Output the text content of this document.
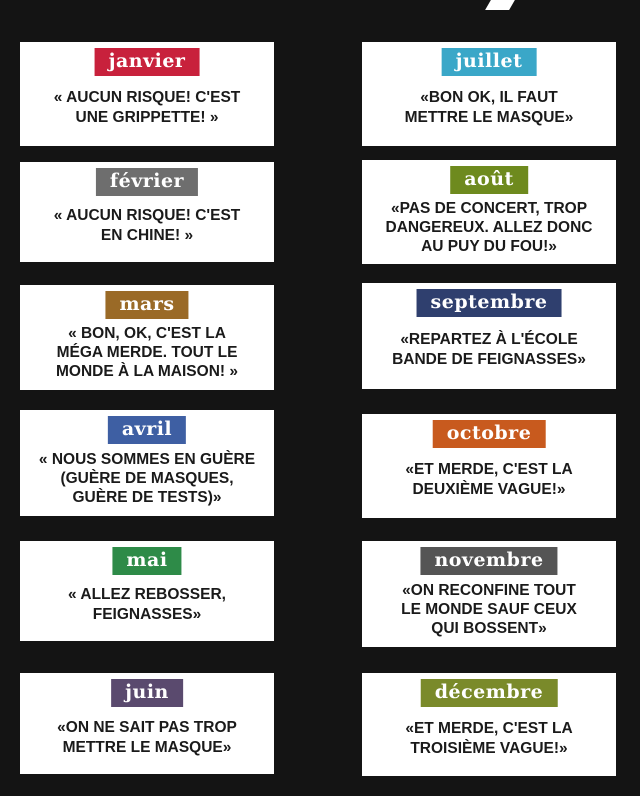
janvier
« AUCUN RISQUE! C'EST
UNE GRIPPETTE! »
février
« AUCUN RISQUE! C'EST
EN CHINE! »
mars
« BON, OK, C'EST LA
MÉGA MERDE. TOUT LE
MONDE À LA MAISON! »
avril
« NOUS SOMMES EN GUÈRE
(GUÈRE DE MASQUES,
GUÈRE DE TESTS)»
mai
« ALLEZ REBOSSER,
FEIGNASSES»
juin
«ON NE SAIT PAS TROP
METTRE LE MASQUE»
juillet
«BON OK, IL FAUT
METTRE LE MASQUE»
août
«PAS DE CONCERT, TROP
DANGEREUX. ALLEZ DONC
AU PUY DU FOU!»
septembre
«REPARTEZ À L'ÉCOLE
BANDE DE FEIGNASSES»
octobre
«ET MERDE, C'EST LA
DEUXIÈME VAGUE!»
novembre
«ON RECONFINE TOUT
LE MONDE SAUF CEUX
QUI BOSSENT»
décembre
«ET MERDE, C'EST LA
TROISIÈME VAGUE!»
